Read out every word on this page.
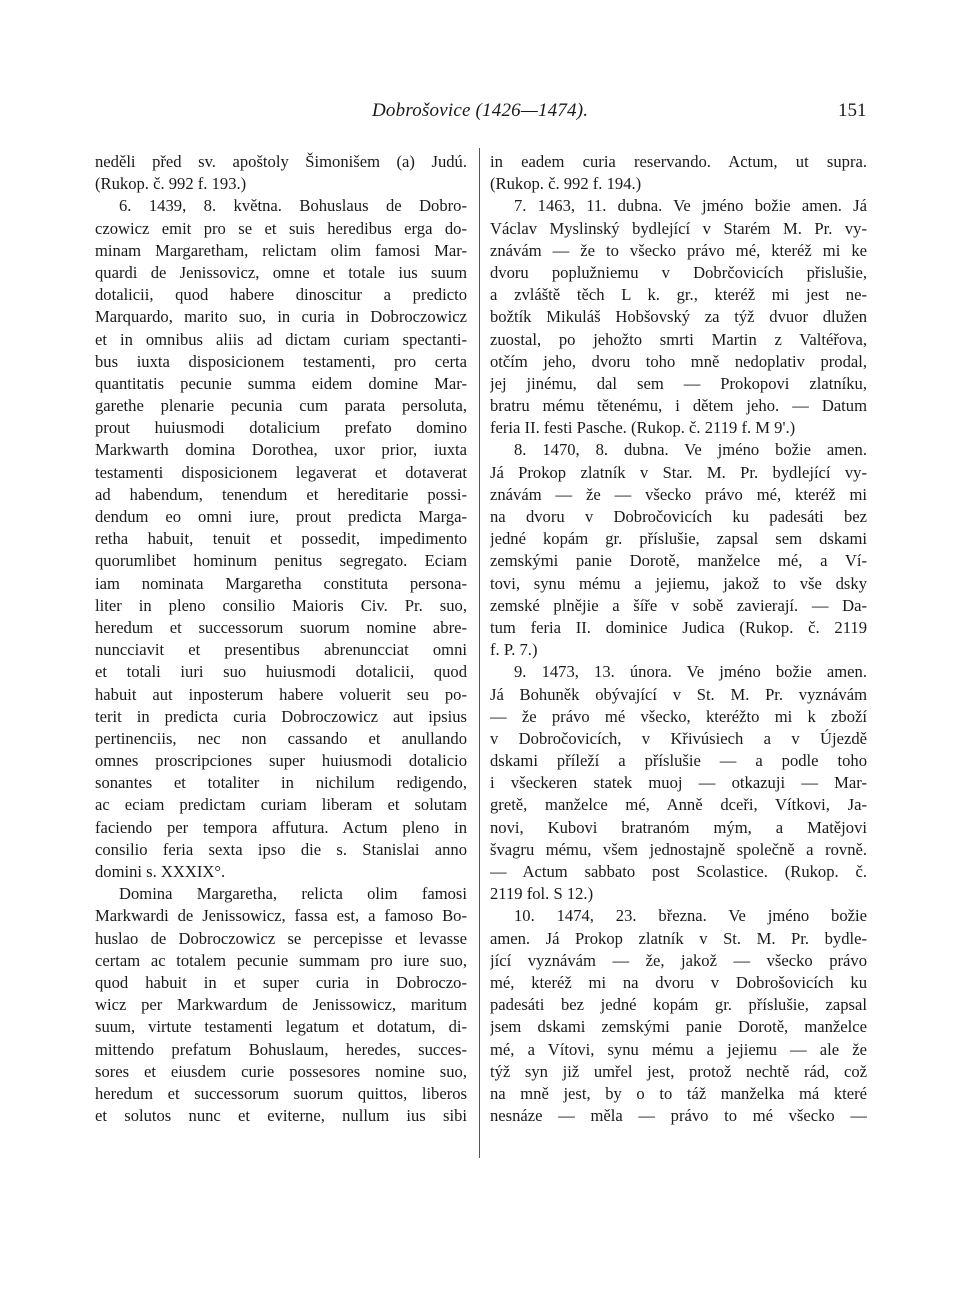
Dobrošovice (1426—1474).	151
neděli před sv. apoštoly Šimonišem (a) Judú.
(Rukop. č. 992 f. 193.)
6. 1439, 8. května. Bohuslaus de Dobro-
czowicz emit pro se et suis heredibus erga do-
minam Margaretham, relictam olim famosi Mar-
quardi de Jenissovicz, omne et totale ius suum
dotalicii, quod habere dinoscitur a predicto
Marquardo, marito suo, in curia in Dobroczowicz
et in omnibus aliis ad dictam curiam spectanti-
bus iuxta disposicionem testamenti, pro certa
quantitatis pecunie summa eidem domine Mar-
garethe plenarie pecunia cum parata persoluta,
prout huiusmodi dotalicium prefato domino
Markwarth domina Dorothea, uxor prior, iuxta
testamenti disposicionem legaverat et dotaverat
ad habendum, tenendum et hereditarie possi-
dendum eo omni iure, prout predicta Marga-
retha habuit, tenuit et possedit, impedimento
quorumlibet hominum penitus segregato. Eciam
iam nominata Margaretha constituta persona-
liter in pleno consilio Maioris Civ. Pr. suo,
heredum et successorum suorum nomine abre-
nuncciavit et presentibus abrenuncciat omni
et totali iuri suo huiusmodi dotalicii, quod
habuit aut inposterum habere voluerit seu po-
terit in predicta curia Dobroczowicz aut ipsius
pertinenciis, nec non cassando et anullando
omnes proscripciones super huiusmodi dotalicio
sonantes et totaliter in nichilum redigendo,
ac eciam predictam curiam liberam et solutam
faciendo per tempora affutura. Actum pleno in
consilio feria sexta ipso die s. Stanislai anno
domini s. XXXIX°.
Domina Margaretha, relicta olim famosi
Markwardi de Jenissowicz, fassa est, a famoso Bo-
huslao de Dobroczowicz se percepisse et levasse
certam ac totalem pecunie summam pro iure suo,
quod habuit in et super curia in Dobroczo-
wicz per Markwardum de Jenissowicz, maritum
suum, virtute testamenti legatum et dotatum, di-
mittendo prefatum Bohuslaum, heredes, succes-
sores et eiusdem curie possesores nomine suo,
heredum et successorum suorum quittos, liberos
et solutos nunc et eviterne, nullum ius sibi
in eadem curia reservando. Actum, ut supra.
(Rukop. č. 992 f. 194.)
7. 1463, 11. dubna. Ve jméno božie amen. Já
Václav Myslinský bydlející v Starém M. Pr. vy-
znávám — že to všecko právo mé, kteréž mi ke
dvoru poplužniemu v Dobrčovicích přislušie,
a zvláště těch L k. gr., kteréž mi jest ne-
božtík Mikuláš Hobšovský za týž dvuor dlužen
zuostal, po jehožto smrti Martin z Valtéřova,
otčím jeho, dvoru toho mně nedoplativ prodal,
jej jinému, dal sem — Prokopovi zlatníku,
bratru mému tětenému, i dětem jeho. — Datum
feria II. festi Pasche. (Rukop. č. 2119 f. M 9'.)
8. 1470, 8. dubna. Ve jméno božie amen.
Já Prokop zlatník v Star. M. Pr. bydlející vy-
znávám — že — všecko právo mé, kteréž mi
na dvoru v Dobročovicích ku padesáti bez
jedné kopám gr. příslušie, zapsal sem dskami
zemskými panie Dorotě, manželce mé, a Ví-
tovi, synu mému a jejiemu, jakož to vše dsky
zemské plnějie a šíře v sobě zavierají. — Da-
tum feria II. dominice Judica (Rukop. č. 2119
f. P. 7.)
9. 1473, 13. února. Ve jméno božie amen.
Já Bohuněk obývající v St. M. Pr. vyznávám
— že právo mé všecko, kteréžto mi k zboží
v Dobročovicích, v Křivúsiech a v Újezdě
dskami příleží a příslušie — a podle toho
i všeckeren statek muoj — otkazuji — Mar-
gretě, manželce mé, Anně dceři, Vítkovi, Ja-
novi, Kubovi bratranóm mým, a Matějovi
švagru mému, všem jednostajně společně a rovně.
— Actum sabbato post Scolastice. (Rukop. č.
2119 fol. S 12.)
10. 1474, 23. března. Ve jméno božie
amen. Já Prokop zlatník v St. M. Pr. bydle-
jící vyznávám — že, jakož — všecko právo
mé, kteréž mi na dvoru v Dobrošovicích ku
padesáti bez jedné kopám gr. příslušie, zapsal
jsem dskami zemskými panie Dorotě, manželce
mé, a Vítovi, synu mému a jejiemu — ale že
týž syn již umřel jest, protož nechtě rád, což
na mně jest, by o to táž manželka má které
nesnáze — měla — právo to mé všecko —
